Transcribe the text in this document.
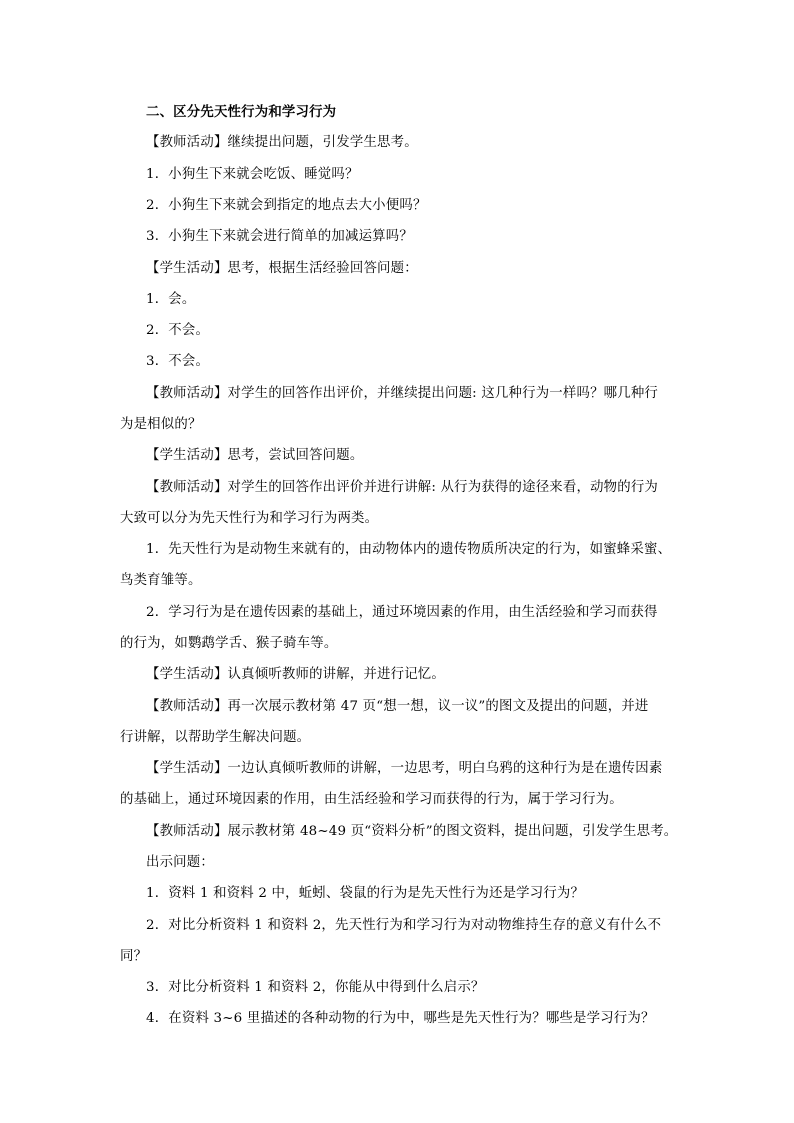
二、区分先天性行为和学习行为
【教师活动】继续提出问题，引发学生思考。
1．小狗生下来就会吃饭、睡觉吗？
2．小狗生下来就会到指定的地点去大小便吗？
3．小狗生下来就会进行简单的加减运算吗？
【学生活动】思考，根据生活经验回答问题：
1．会。
2．不会。
3．不会。
【教师活动】对学生的回答作出评价，并继续提出问题: 这几种行为一样吗？哪几种行
为是相似的？
【学生活动】思考，尝试回答问题。
【教师活动】对学生的回答作出评价并进行讲解: 从行为获得的途径来看，动物的行为
大致可以分为先天性行为和学习行为两类。
1．先天性行为是动物生来就有的，由动物体内的遗传物质所决定的行为，如蜜蜂采蜜、
鸟类育雏等。
2．学习行为是在遗传因素的基础上，通过环境因素的作用，由生活经验和学习而获得
的行为，如鹦鹉学舌、猴子骑车等。
【学生活动】认真倾听教师的讲解，并进行记忆。
【教师活动】再一次展示教材第 47 页“想一想，议一议”的图文及提出的问题，并进
行讲解，以帮助学生解决问题。
【学生活动】一边认真倾听教师的讲解，一边思考，明白乌鸦的这种行为是在遗传因素
的基础上，通过环境因素的作用，由生活经验和学习而获得的行为，属于学习行为。
【教师活动】展示教材第 48~49 页“资料分析”的图文资料，提出问题，引发学生思考。
出示问题：
1．资料 1 和资料 2 中，蚯蚓、袋鼠的行为是先天性行为还是学习行为？
2．对比分析资料 1 和资料 2，先天性行为和学习行为对动物维持生存的意义有什么不
同？
3．对比分析资料 1 和资料 2，你能从中得到什么启示？
4．在资料 3~6 里描述的各种动物的行为中，哪些是先天性行为？哪些是学习行为？
